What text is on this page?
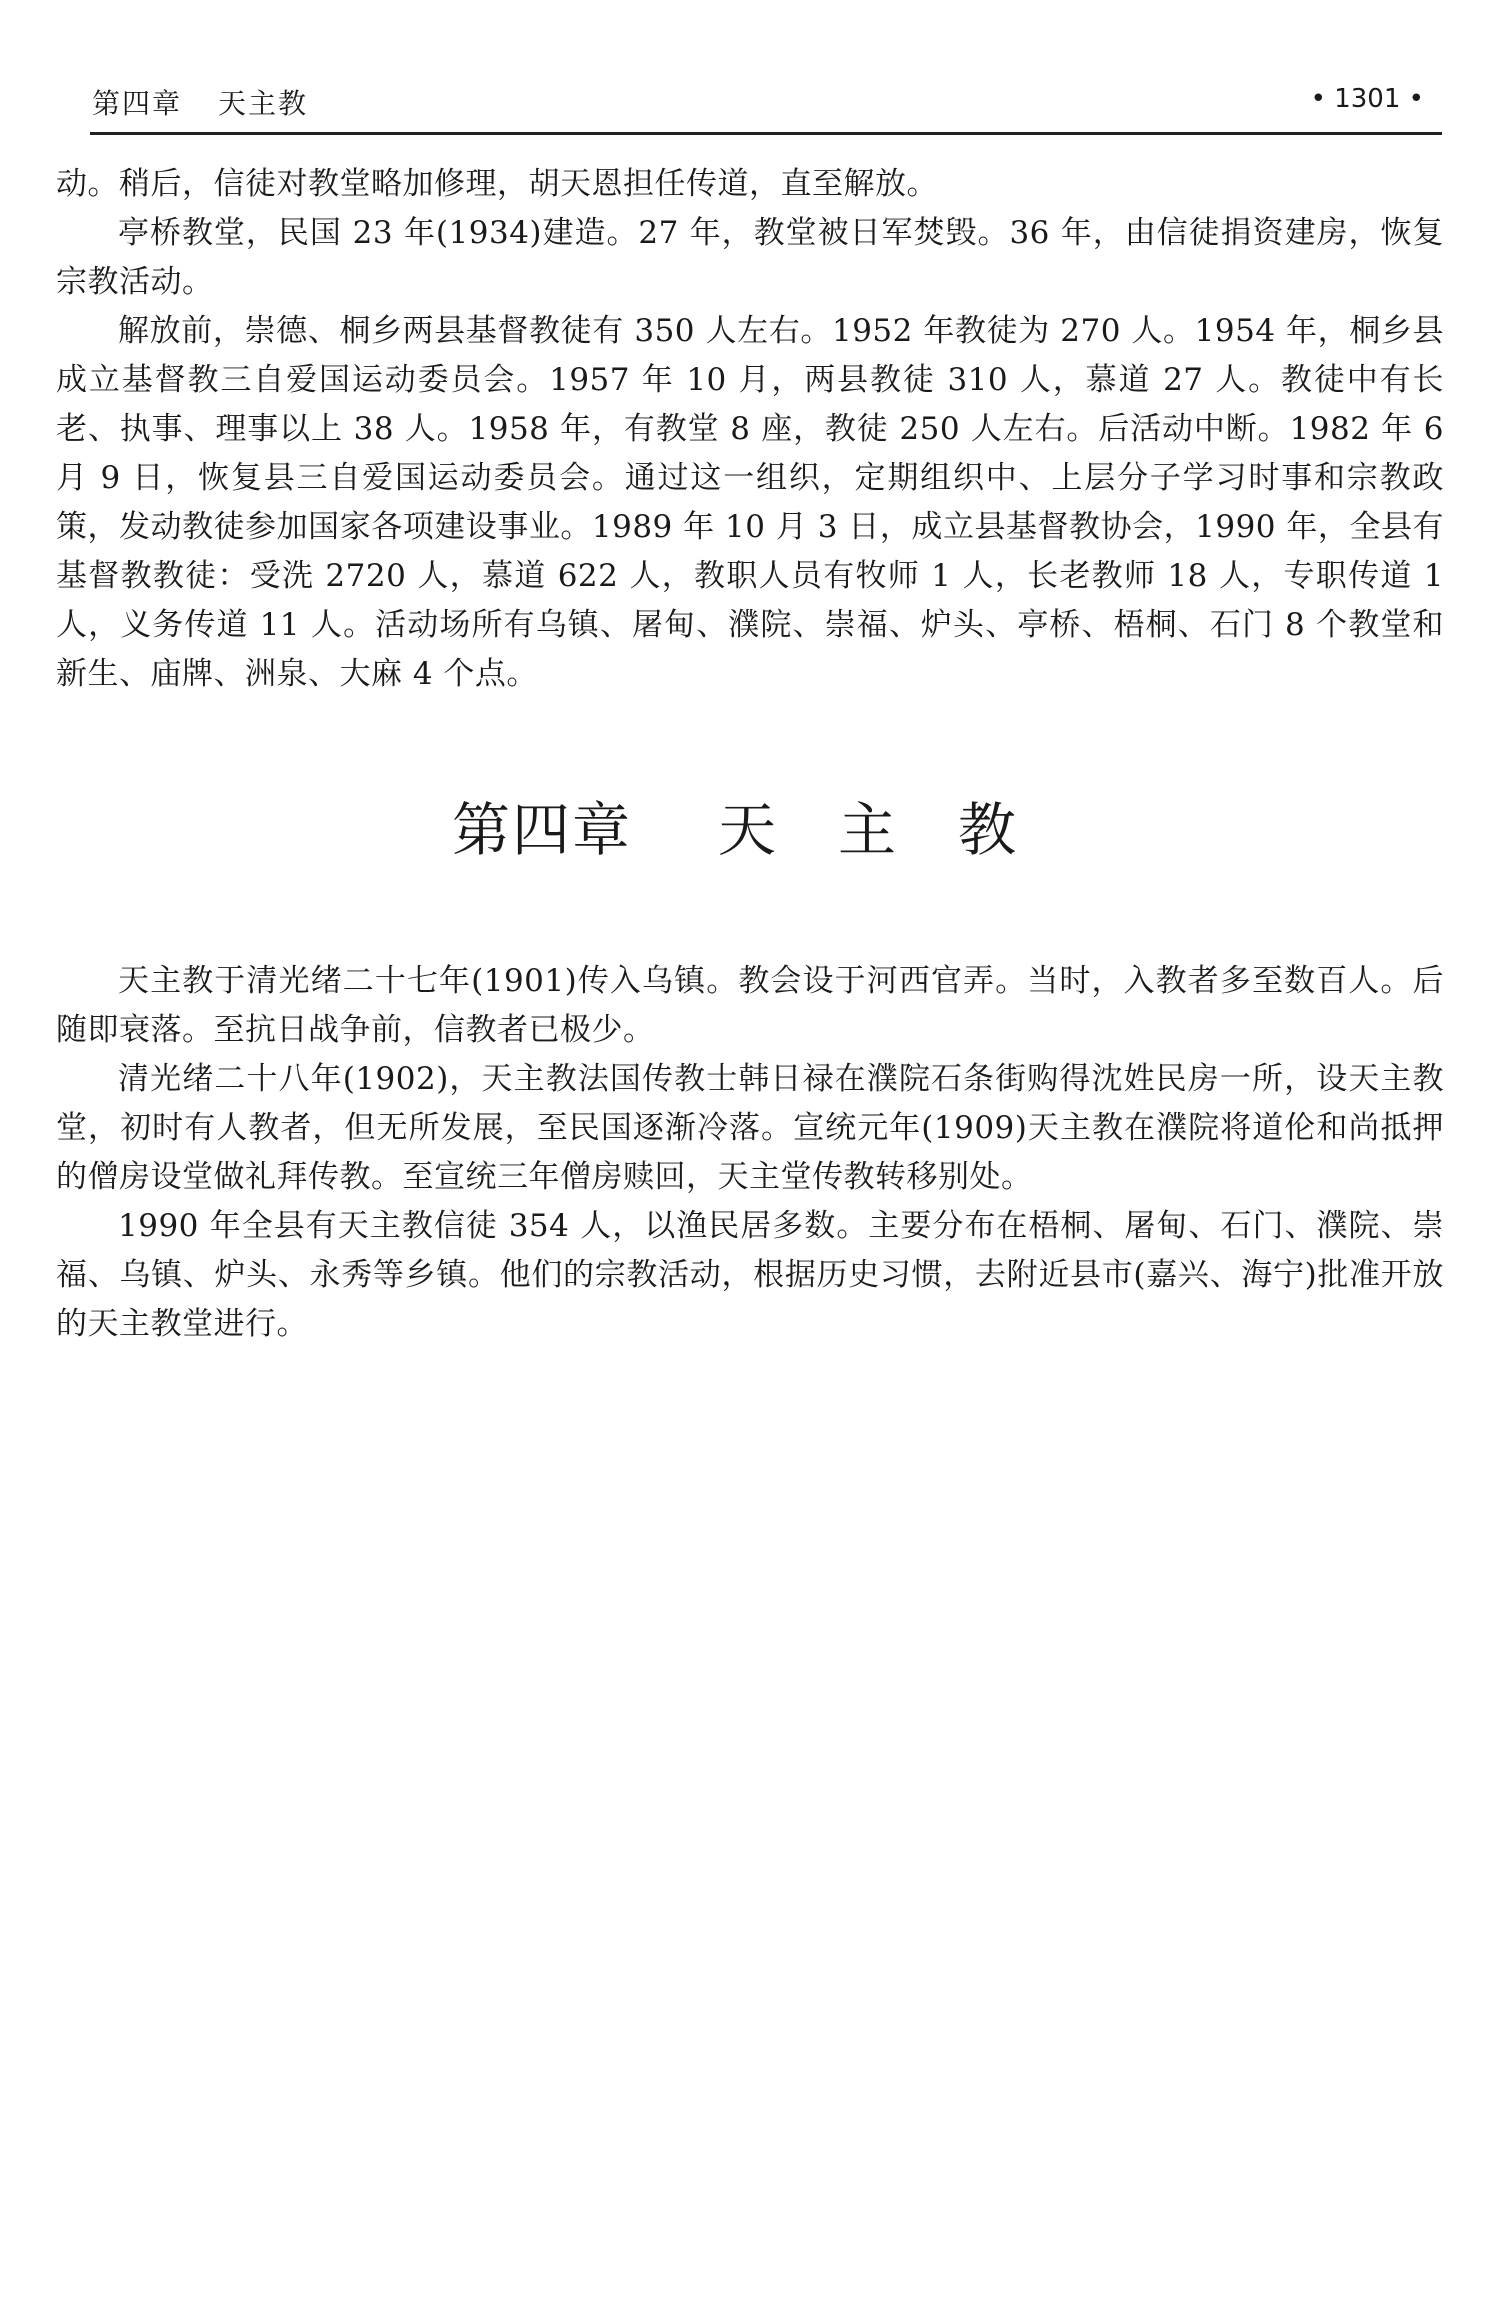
第四章 天主教	• 1301 •

动。稍后，信徒对教堂略加修理，胡天恩担任传道，直至解放。

亭桥教堂，民国 23 年(1934)建造。27 年，教堂被日军焚毁。36 年，由信徒捐资建房，恢复宗教活动。

解放前，崇德、桐乡两县基督教徒有 350 人左右。1952 年教徒为 270 人。1954 年，桐乡县成立基督教三自爱国运动委员会。1957 年 10 月，两县教徒 310 人，慕道 27 人。教徒中有长老、执事、理事以上 38 人。1958 年，有教堂 8 座，教徒 250 人左右。后活动中断。1982 年 6 月 9 日，恢复县三自爱国运动委员会。通过这一组织，定期组织中、上层分子学习时事和宗教政策，发动教徒参加国家各项建设事业。1989 年 10 月 3 日，成立县基督教协会，1990 年，全县有基督教教徒：受洗 2720 人，慕道 622 人，教职人员有牧师 1 人，长老教师 18 人，专职传道 1 人，义务传道 11 人。活动场所有乌镇、屠甸、濮院、崇福、炉头、亭桥、梧桐、石门 8 个教堂和新生、庙牌、洲泉、大麻 4 个点。

第四章 天 主 教

天主教于清光绪二十七年(1901)传入乌镇。教会设于河西官弄。当时，入教者多至数百人。后随即衰落。至抗日战争前，信教者已极少。

清光绪二十八年(1902)，天主教法国传教士韩日禄在濮院石条街购得沈姓民房一所，设天主教堂，初时有人教者，但无所发展，至民国逐渐冷落。宣统元年(1909)天主教在濮院将道伦和尚抵押的僧房设堂做礼拜传教。至宣统三年僧房赎回，天主堂传教转移别处。

1990 年全县有天主教信徒 354 人，以渔民居多数。主要分布在梧桐、屠甸、石门、濮院、崇福、乌镇、炉头、永秀等乡镇。他们的宗教活动，根据历史习惯，去附近县市(嘉兴、海宁)批准开放的天主教堂进行。
